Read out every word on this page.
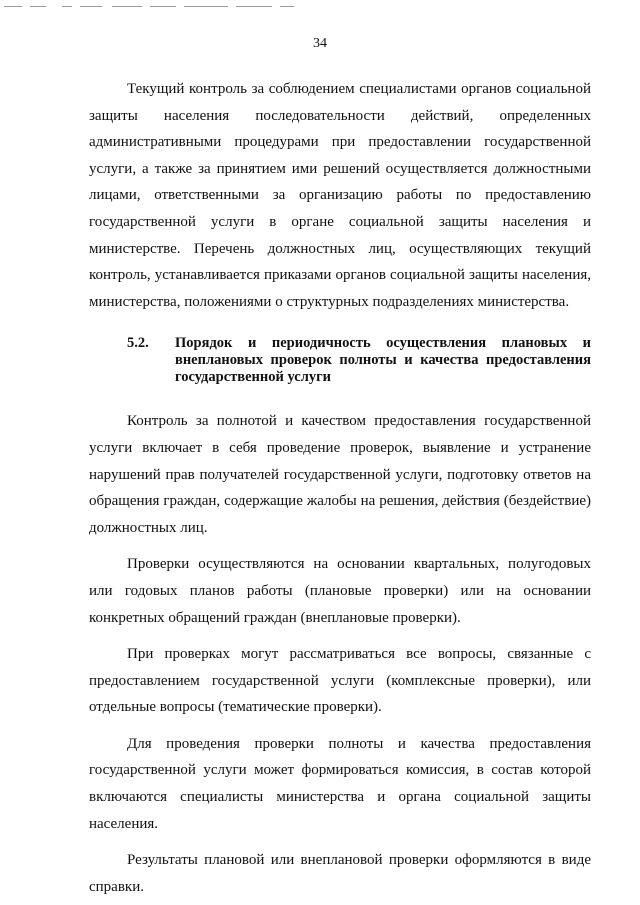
34

Текущий контроль за соблюдением специалистами органов социальной защиты населения последовательности действий, определенных административными процедурами при предоставлении государственной услуги, а также за принятием ими решений осуществляется должностными лицами, ответственными за организацию работы по предоставлению государственной услуги в органе социальной защиты населения и министерстве. Перечень должностных лиц, осуществляющих текущий контроль, устанавливается приказами органов социальной защиты населения, министерства, положениями о структурных подразделениях министерства.

5.2.	Порядок и периодичность осуществления плановых и внеплановых проверок полноты и качества предоставления государственной услуги

Контроль за полнотой и качеством предоставления государственной услуги включает в себя проведение проверок, выявление и устранение нарушений прав получателей государственной услуги, подготовку ответов на обращения граждан, содержащие жалобы на решения, действия (бездействие) должностных лиц.

Проверки осуществляются на основании квартальных, полугодовых или годовых планов работы (плановые проверки) или на основании конкретных обращений граждан (внеплановые проверки).

При проверках могут рассматриваться все вопросы, связанные с предоставлением государственной услуги (комплексные проверки), или отдельные вопросы (тематические проверки).

Для проведения проверки полноты и качества предоставления государственной услуги может формироваться комиссия, в состав которой включаются специалисты министерства и органа социальной защиты населения.

Результаты плановой или внеплановой проверки оформляются в виде справки.
